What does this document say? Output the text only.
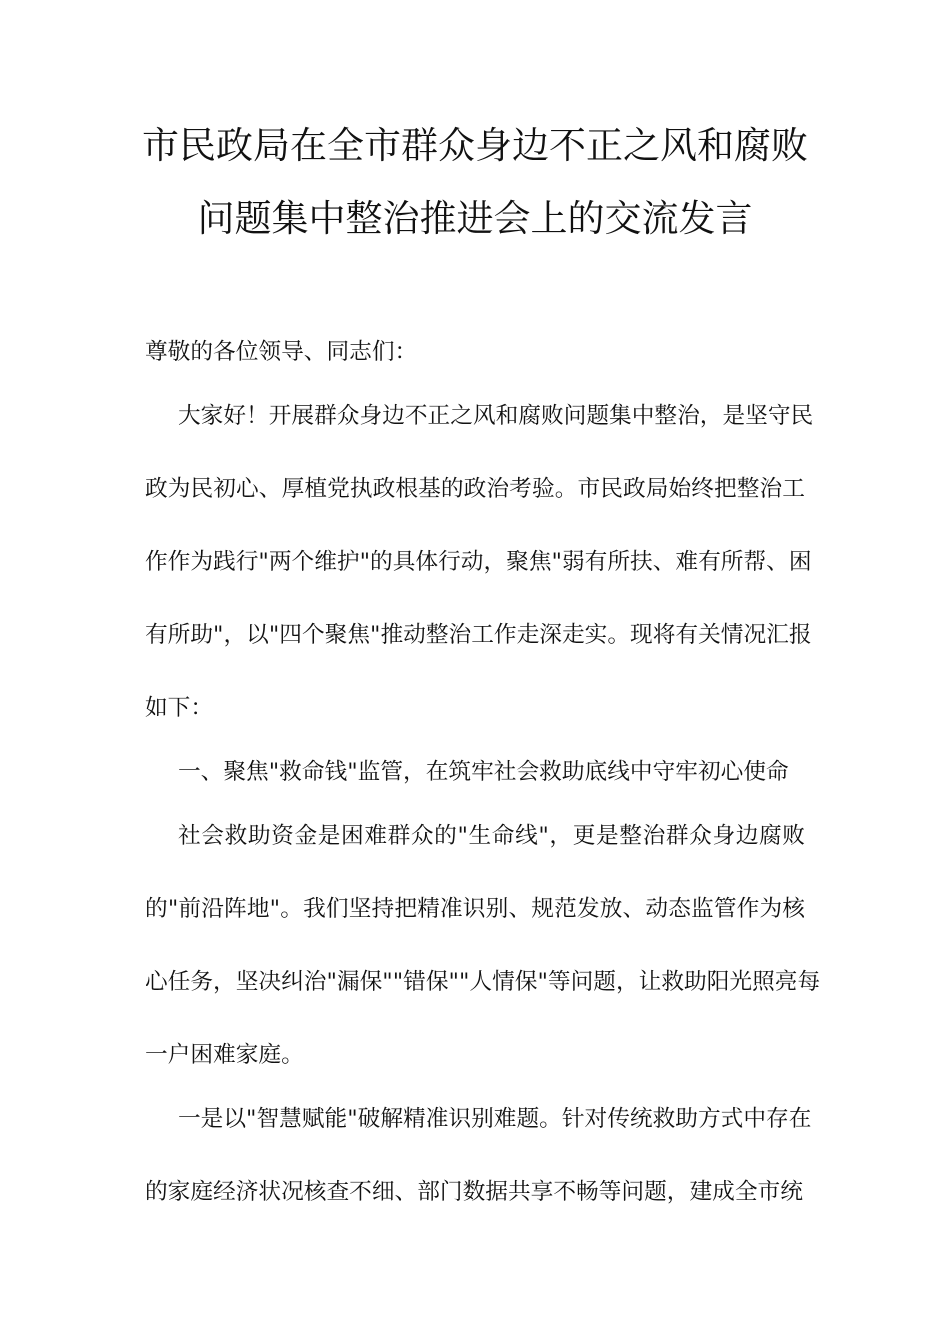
市民政局在全市群众身边不正之风和腐败
问题集中整治推进会上的交流发言
尊敬的各位领导、同志们：
大家好！开展群众身边不正之风和腐败问题集中整治，是坚守民
政为民初心、厚植党执政根基的政治考验。市民政局始终把整治工
作作为践行"两个维护"的具体行动，聚焦"弱有所扶、难有所帮、困
有所助"，以"四个聚焦"推动整治工作走深走实。现将有关情况汇报
如下：
一、聚焦"救命钱"监管，在筑牢社会救助底线中守牢初心使命
社会救助资金是困难群众的"生命线"，更是整治群众身边腐败
的"前沿阵地"。我们坚持把精准识别、规范发放、动态监管作为核
心任务，坚决纠治"漏保""错保""人情保"等问题，让救助阳光照亮每
一户困难家庭。
一是以"智慧赋能"破解精准识别难题。针对传统救助方式中存在
的家庭经济状况核查不细、部门数据共享不畅等问题，建成全市统
